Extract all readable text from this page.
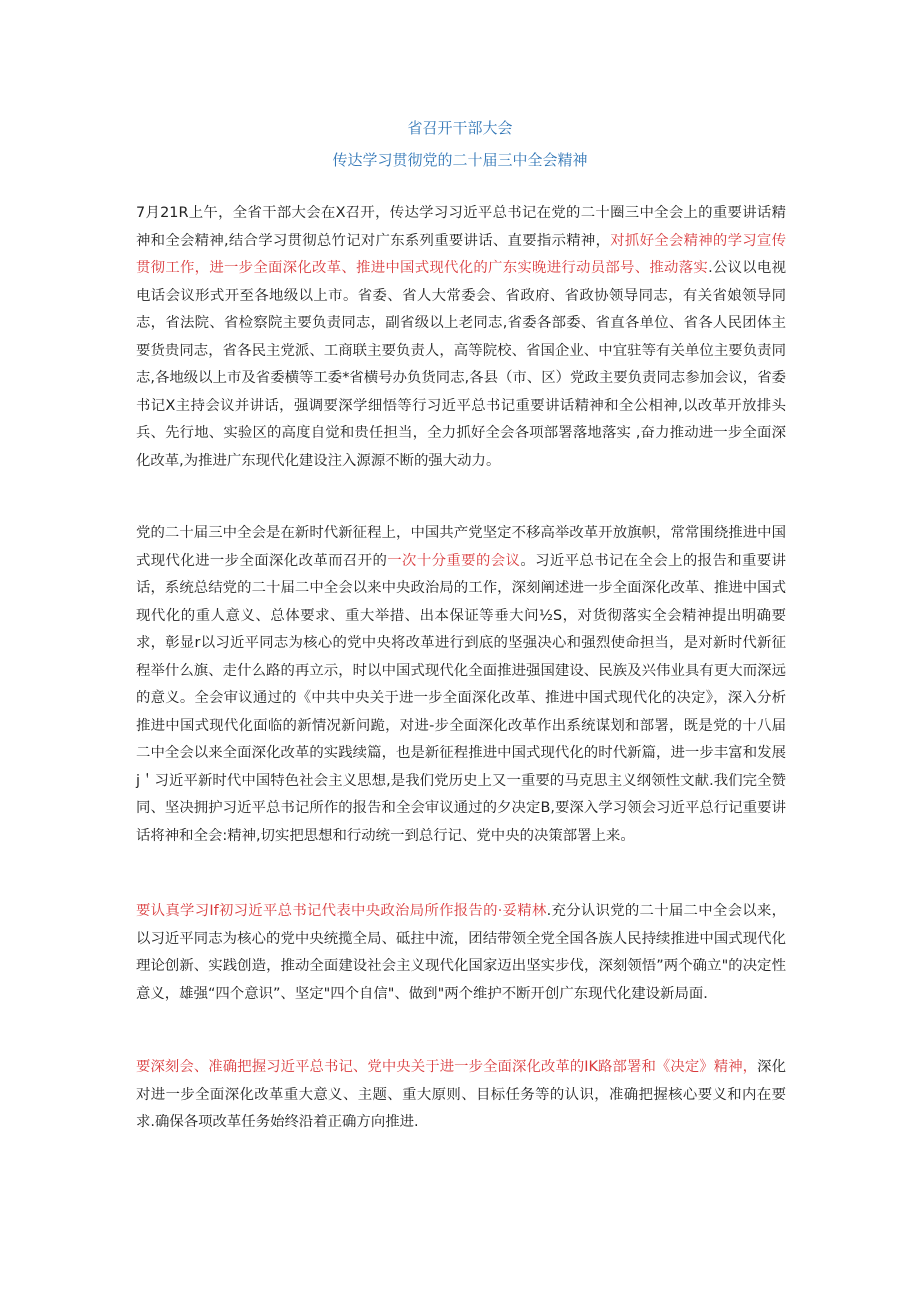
省召开干部大会
传达学习贯彻党的二十届三中全会精神

7月21R上午，全省干部大会在X召开，传达学习习近平总书记在党的二十圈三中全会上的重要讲话精神和全会精神,结合学习贯彻总竹记对广东系列重要讲话、直要指示精神，对抓好全会精神的学习宣传贯彻工作，进一步全面深化改革、推进中国式现代化的广东实晚进行动员部号、推动落实.公议以电视电话会议形式开至各地级以上市。省委、省人大常委会、省政府、省政协领导同志，有关省娘领导同志，省法院、省检察院主要负责同志，副省级以上老同志,省委各部委、省直各单位、省各人民团体主要货贵同志，省各民主党派、工商联主要负责人，高等院校、省国企业、中宜驻等有关单位主要负责同志,各地级以上市及省委横等工委*省横号办负货同志,各县（市、区）党政主要负责同志参加会议，省委书记X主持会议并讲话，强调要深学细悟等行习近平总书记重要讲话精神和全公相神,以改革开放排头兵、先行地、实验区的高度自觉和贵任担当，全力抓好全会各项部署落地落实 ,奋力推动进一步全面深化改革,为推进广东现代化建设注入源源不断的强大动力。

党的二十届三中全会是在新时代新征程上，中国共产党坚定不移高举改革开放旗帜，常常围绕推进中国式现代化进一步全面深化改革而召开的一次十分重要的会议。习近平总书记在全会上的报告和重要讲话，系统总结党的二十届二中全会以来中央政治局的工作，深刻阐述进一步全面深化改革、推进中国式现代化的重人意义、总体要求、重大举措、出本保证等垂大问½S，对货彻落实全会精神提出明确要求，彰显r以习近平同志为核心的党中央将改革进行到底的坚强决心和强烈使命担当，是对新时代新征程举什么旗、走什么路的再立示，时以中国式现代化全面推进强国建设、民族及兴伟业具有更大而深远的意义。全会审议通过的《中共中央关于进一步全面深化改革、推进中国式现代化的决定》，深入分析推进中国式现代化面临的新情况新问跪，对进-步全面深化改革作出系统谋划和部署，既是党的十八届二中全会以来全面深化改革的实践续篇，也是新征程推进中国式现代化的时代新篇，进一步丰富和发展j＇习近平新时代中国特色社会主义思想,是我们党历史上又一重要的马克思主义纲领性文献.我们完全赞同、坚决拥护习近平总书记所作的报告和全会审议通过的夕决定B,要深入学习领会习近平总行记重要讲话将神和全会:精神,切实把思想和行动统一到总行记、党中央的决策部署上来。

要认真学习If初习近平总书记代表中央政治局所作报告的·妥精林.充分认识党的二十届二中全会以来，以习近平同志为核心的党中央统揽全局、砥拄中流，团结带领全党全国各族人民持续推进中国式现代化理论创新、实践创造，推动全面建设社会主义现代化国家迈出坚实步伐，深刻领悟”两个确立"的决定性意义，雄强“四个意识”、坚定"四个自信"、做到"两个维护不断开创广东现代化建设新局面.

要深刻会、准确把握习近平总书记、党中央关于进一步全面深化改革的IK路部署和《决定》精神，深化对进一步全面深化改革重大意义、主题、重大原则、目标任务等的认识，准确把握核心要义和内在要求.确保各项改革任务始终沿着正确方向推进.
